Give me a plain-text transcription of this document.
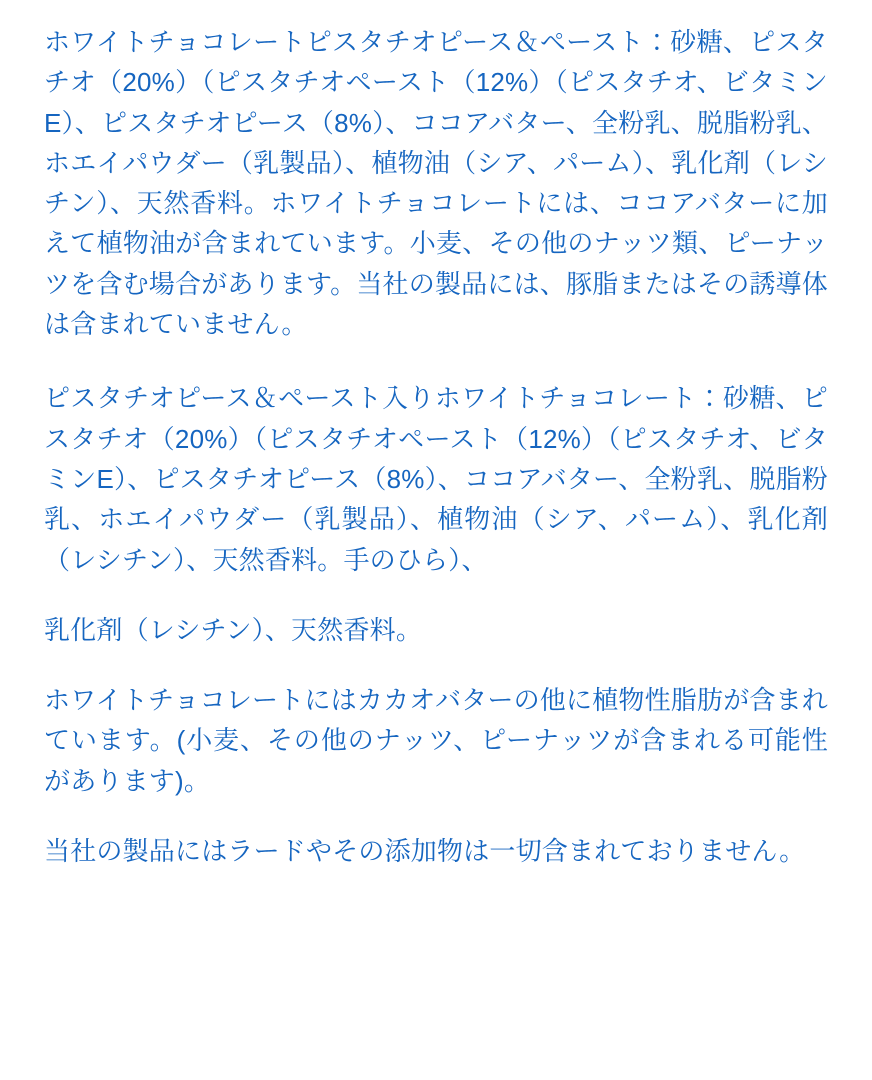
ホワイトチョコレートピスタチオピース＆ペースト：砂糖、ピスタチオ（20%）（ピスタチオペースト（12%）（ピスタチオ、ビタミンE）、ピスタチオピース（8%）、ココアバター、全粉乳、脱脂粉乳、ホエイパウダー（乳製品）、植物油（シア、パーム）、乳化剤（レシチン）、天然香料。ホワイトチョコレートには、ココアバターに加えて植物油が含まれています。小麦、その他のナッツ類、ピーナッツを含む場合があります。当社の製品には、豚脂またはその誘導体は含まれていません。

ピスタチオピース＆ペースト入りホワイトチョコレート：砂糖、ピスタチオ（20%）（ピスタチオペースト（12%）（ピスタチオ、ビタミンE）、ピスタチオピース（8%）、ココアバター、全粉乳、脱脂粉乳、ホエイパウダー（乳製品）、植物油（シア、パーム）、乳化剤（レシチン）、天然香料。手のひら）、

乳化剤（レシチン）、天然香料。

ホワイトチョコレートにはカカオバターの他に植物性脂肪が含まれています。(小麦、その他のナッツ、ピーナッツが含まれる可能性があります)。

当社の製品にはラードやその添加物は一切含まれておりません。
